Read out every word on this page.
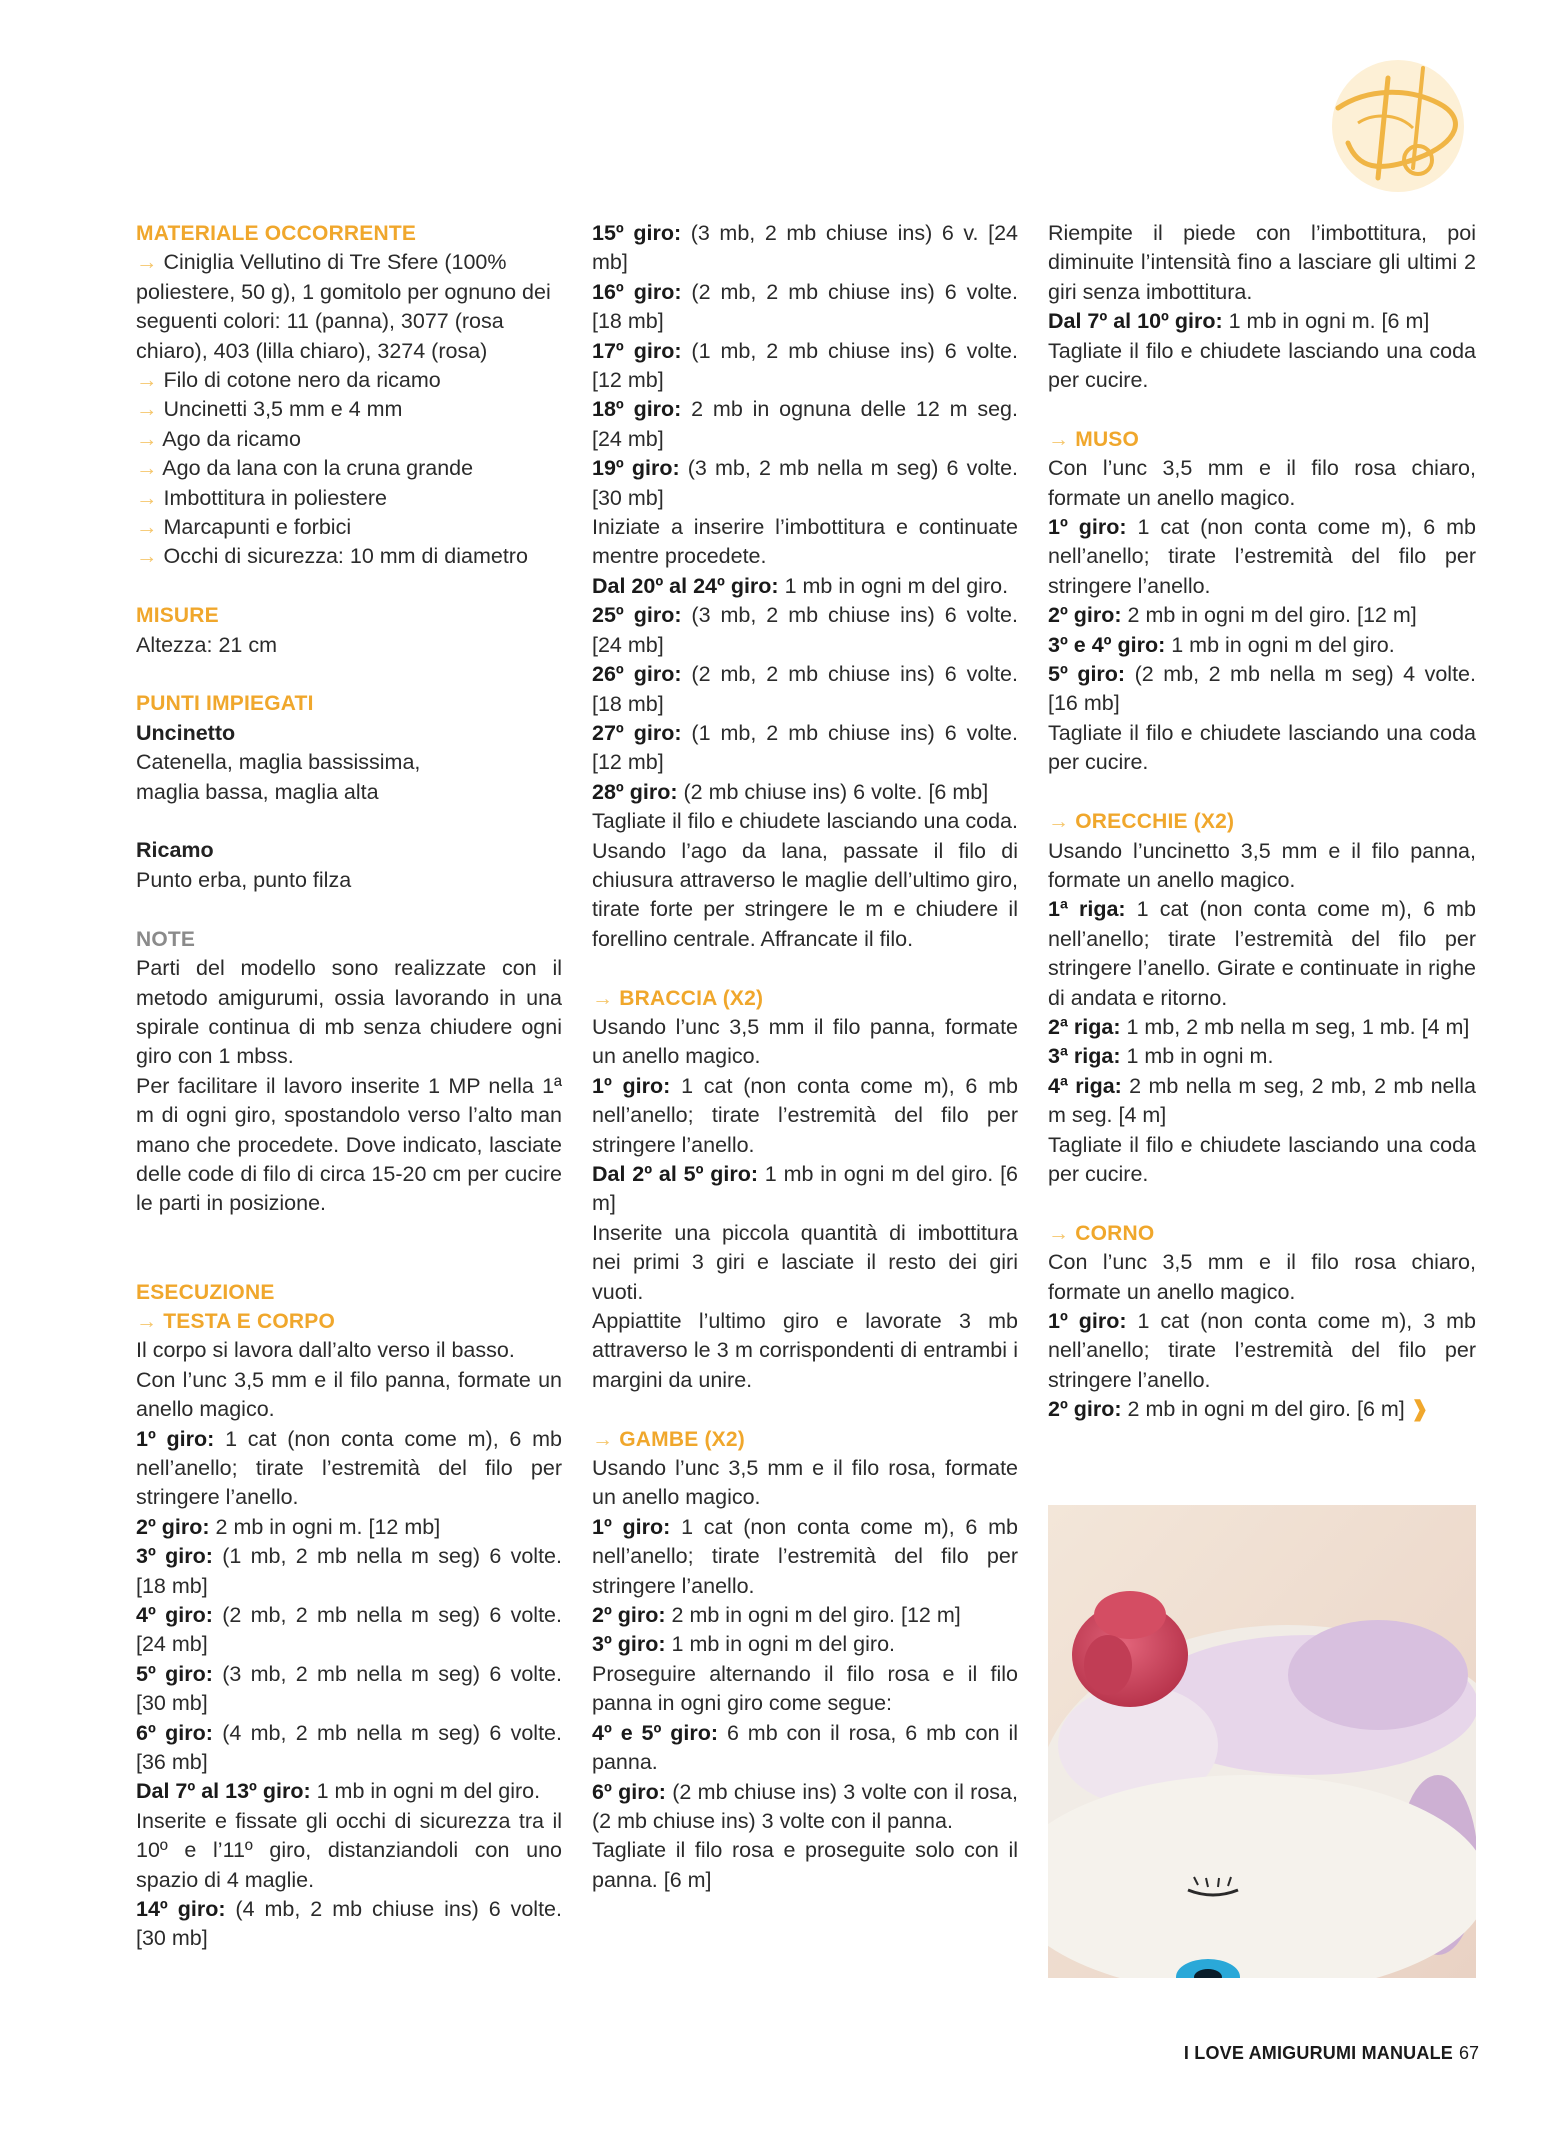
MATERIALE OCCORRENTE

→ Ciniglia Vellutino di Tre Sfere (100% poliestere, 50 g), 1 gomitolo per ognuno dei seguenti colori: 11 (panna), 3077 (rosa chiaro), 403 (lilla chiaro), 3274 (rosa)

→ Filo di cotone nero da ricamo

→ Uncinetti 3,5 mm e 4 mm

→ Ago da ricamo

→ Ago da lana con la cruna grande

→ Imbottitura in poliestere

→ Marcapunti e forbici

→ Occhi di sicurezza: 10 mm di diametro

MISURE

Altezza: 21 cm

PUNTI IMPIEGATI

Uncinetto

Catenella, maglia bassissima,

maglia bassa, maglia alta

Ricamo

Punto erba, punto filza

NOTE

Parti del modello sono realizzate con il metodo amigurumi, ossia lavorando in una spirale continua di mb senza chiudere ogni giro con 1 mbss.

Per facilitare il lavoro inserite 1 MP nella 1ª m di ogni giro, spostandolo verso l’alto man mano che procedete. Dove indicato, lasciate delle code di filo di circa 15-20 cm per cucire le parti in posizione.

ESECUZIONE

→ TESTA E CORPO

Il corpo si lavora dall’alto verso il basso.

Con l’unc 3,5 mm e il filo panna, formate un anello magico.

1º giro: 1 cat (non conta come m), 6 mb nell’anello; tirate l’estremità del filo per stringere l’anello.

2º giro: 2 mb in ogni m. [12 mb]

3º giro: (1 mb, 2 mb nella m seg) 6 volte. [18 mb]

4º giro: (2 mb, 2 mb nella m seg) 6 volte. [24 mb]

5º giro: (3 mb, 2 mb nella m seg) 6 volte. [30 mb]

6º giro: (4 mb, 2 mb nella m seg) 6 volte. [36 mb]

Dal 7º al 13º giro: 1 mb in ogni m del giro.

Inserite e fissate gli occhi di sicurezza tra il 10º e l’11º giro, distanziandoli con uno spazio di 4 maglie.

14º giro: (4 mb, 2 mb chiuse ins) 6 volte. [30 mb]

15º giro: (3 mb, 2 mb chiuse ins) 6 v. [24 mb]

16º giro: (2 mb, 2 mb chiuse ins) 6 volte. [18 mb]

17º giro: (1 mb, 2 mb chiuse ins) 6 volte. [12 mb]

18º giro: 2 mb in ognuna delle 12 m seg. [24 mb]

19º giro: (3 mb, 2 mb nella m seg) 6 volte. [30 mb]

Iniziate a inserire l’imbottitura e continuate mentre procedete.

Dal 20º al 24º giro: 1 mb in ogni m del giro.

25º giro: (3 mb, 2 mb chiuse ins) 6 volte. [24 mb]

26º giro: (2 mb, 2 mb chiuse ins) 6 volte. [18 mb]

27º giro: (1 mb, 2 mb chiuse ins) 6 volte. [12 mb]

28º giro: (2 mb chiuse ins) 6 volte. [6 mb]

Tagliate il filo e chiudete lasciando una coda. Usando l’ago da lana, passate il filo di chiusura attraverso le maglie dell’ultimo giro, tirate forte per stringere le m e chiudere il forellino centrale. Affrancate il filo.

→ BRACCIA (X2)

Usando l’unc 3,5 mm il filo panna, formate un anello magico.

1º giro: 1 cat (non conta come m), 6 mb nell’anello; tirate l’estremità del filo per stringere l’anello.

Dal 2º al 5º giro: 1 mb in ogni m del giro. [6 m]

Inserite una piccola quantità di imbottitura nei primi 3 giri e lasciate il resto dei giri vuoti.

Appiattite l’ultimo giro e lavorate 3 mb attraverso le 3 m corrispondenti di entrambi i margini da unire.

→ GAMBE (X2)

Usando l’unc 3,5 mm e il filo rosa, formate un anello magico.

1º giro: 1 cat (non conta come m), 6 mb nell’anello; tirate l’estremità del filo per stringere l’anello.

2º giro: 2 mb in ogni m del giro. [12 m]

3º giro: 1 mb in ogni m del giro.

Proseguire alternando il filo rosa e il filo panna in ogni giro come segue:

4º e 5º giro: 6 mb con il rosa, 6 mb con il panna.

6º giro: (2 mb chiuse ins) 3 volte con il rosa, (2 mb chiuse ins) 3 volte con il panna.

Tagliate il filo rosa e proseguite solo con il panna. [6 m]

Riempite il piede con l’imbottitura, poi diminuite l’intensità fino a lasciare gli ultimi 2 giri senza imbottitura.

Dal 7º al 10º giro: 1 mb in ogni m. [6 m]

Tagliate il filo e chiudete lasciando una coda per cucire.

→ MUSO

Con l’unc 3,5 mm e il filo rosa chiaro, formate un anello magico.

1º giro: 1 cat (non conta come m), 6 mb nell’anello; tirate l’estremità del filo per stringere l’anello.

2º giro: 2 mb in ogni m del giro. [12 m]

3º e 4º giro: 1 mb in ogni m del giro.

5º giro: (2 mb, 2 mb nella m seg) 4 volte. [16 mb]

Tagliate il filo e chiudete lasciando una coda per cucire.

→ ORECCHIE (X2)

Usando l’uncinetto 3,5 mm e il filo panna, formate un anello magico.

1ª riga: 1 cat (non conta come m), 6 mb nell’anello; tirate l’estremità del filo per stringere l’anello. Girate e continuate in righe di andata e ritorno.

2ª riga: 1 mb, 2 mb nella m seg, 1 mb. [4 m]

3ª riga: 1 mb in ogni m.

4ª riga: 2 mb nella m seg, 2 mb, 2 mb nella m seg. [4 m]

Tagliate il filo e chiudete lasciando una coda per cucire.

→ CORNO

Con l’unc 3,5 mm e il filo rosa chiaro, formate un anello magico.

1º giro: 1 cat (non conta come m), 3 mb nell’anello; tirate l’estremità del filo per stringere l’anello.

2º giro: 2 mb in ogni m del giro. [6 m] ❱

I LOVE AMIGURUMI MANUALE 67
